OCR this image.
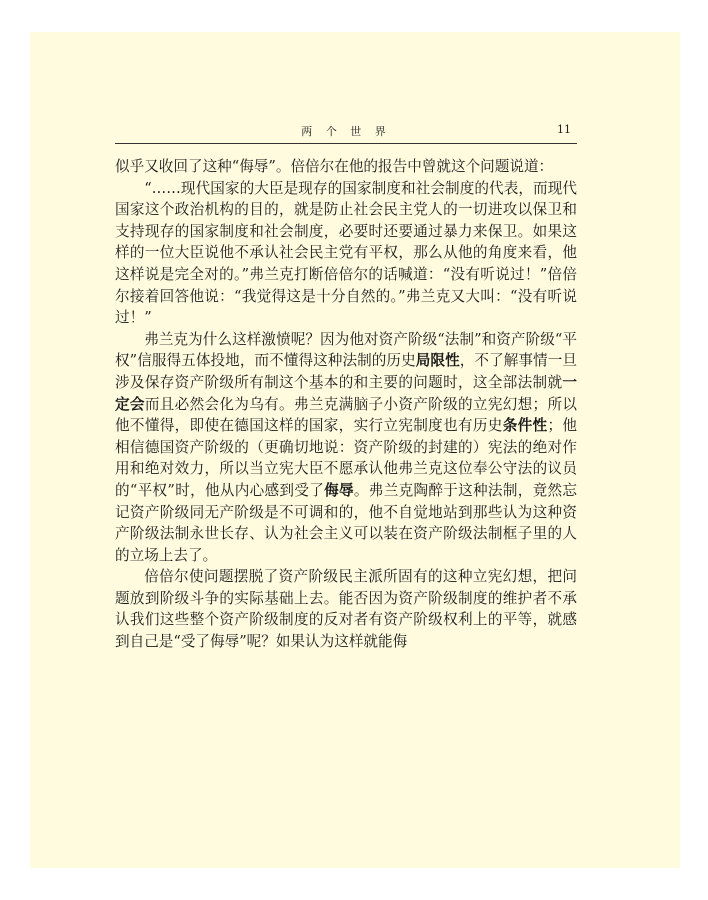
两 个 世 界	11

似乎又收回了这种“侮辱”。倍倍尔在他的报告中曾就这个问题说道：

“……现代国家的大臣是现存的国家制度和社会制度的代表，而现代国家这个政治机构的目的，就是防止社会民主党人的一切进攻以保卫和支持现存的国家制度和社会制度，必要时还要通过暴力来保卫。如果这样的一位大臣说他不承认社会民主党有平权，那么从他的角度来看，他这样说是完全对的。”弗兰克打断倍倍尔的话喊道：“没有听说过！”倍倍尔接着回答他说：“我觉得这是十分自然的。”弗兰克又大叫：“没有听说过！”

弗兰克为什么这样激愤呢？因为他对资产阶级“法制”和资产阶级“平权”信服得五体投地，而不懂得这种法制的历史局限性，不了解事情一旦涉及保存资产阶级所有制这个基本的和主要的问题时，这全部法制就一定会而且必然会化为乌有。弗兰克满脑子小资产阶级的立宪幻想；所以他不懂得，即使在德国这样的国家，实行立宪制度也有历史条件性；他相信德国资产阶级的（更确切地说：资产阶级的封建的）宪法的绝对作用和绝对效力，所以当立宪大臣不愿承认他弗兰克这位奉公守法的议员的“平权”时，他从内心感到受了侮辱。弗兰克陶醉于这种法制，竟然忘记资产阶级同无产阶级是不可调和的，他不自觉地站到那些认为这种资产阶级法制永世长存、认为社会主义可以装在资产阶级法制框子里的人的立场上去了。

倍倍尔使问题摆脱了资产阶级民主派所固有的这种立宪幻想，把问题放到阶级斗争的实际基础上去。能否因为资产阶级制度的维护者不承认我们这些整个资产阶级制度的反对者有资产阶级权利上的平等，就感到自己是“受了侮辱”呢？如果认为这样就能侮
